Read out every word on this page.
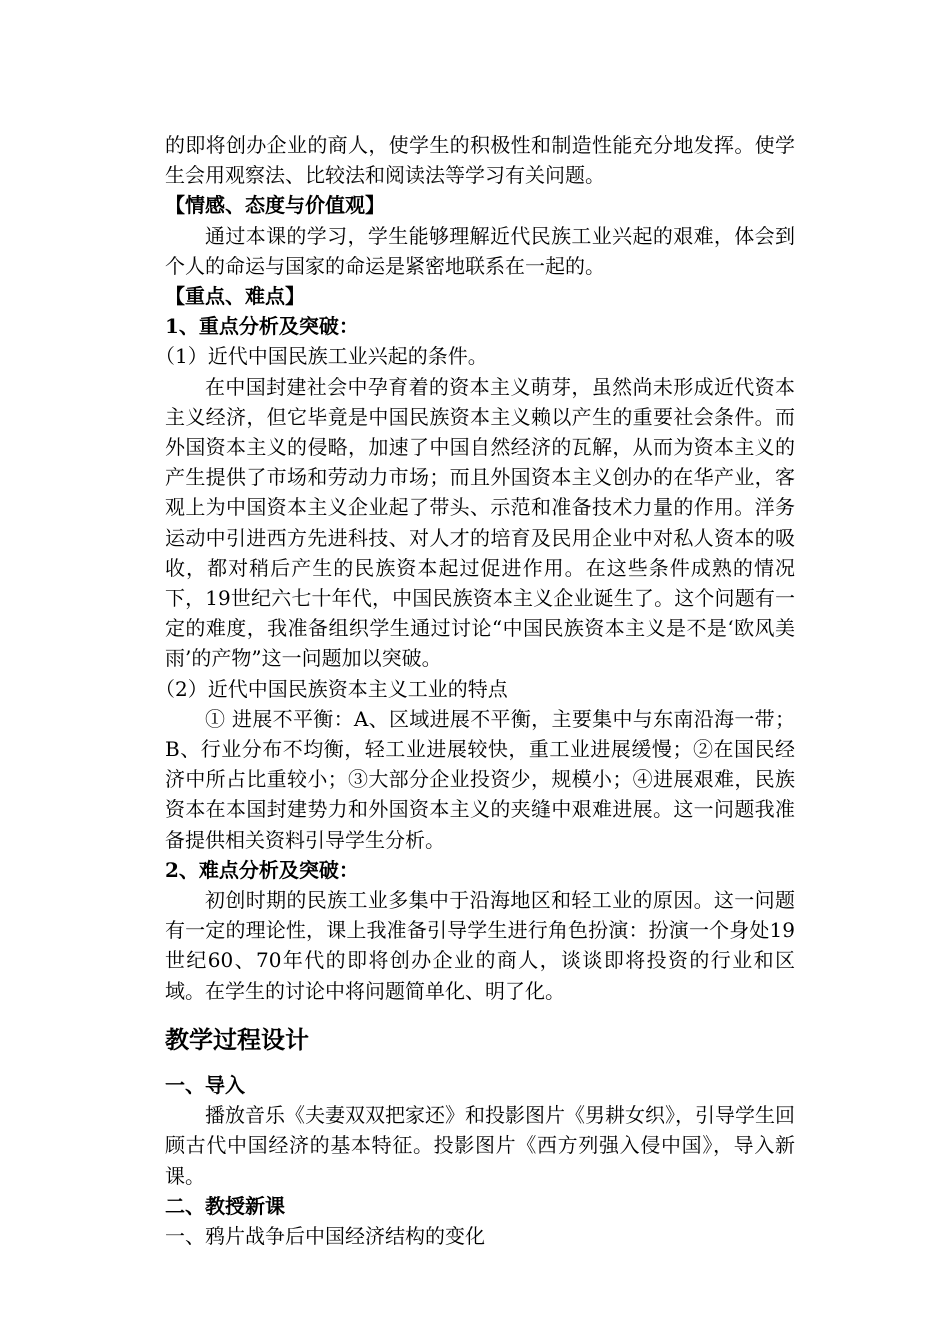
的即将创办企业的商人，使学生的积极性和制造性能充分地发挥。使学生会用观察法、比较法和阅读法等学习有关问题。

【情感、态度与价值观】

通过本课的学习，学生能够理解近代民族工业兴起的艰难，体会到个人的命运与国家的命运是紧密地联系在一起的。

【重点、难点】

1、重点分析及突破：

（1）近代中国民族工业兴起的条件。

在中国封建社会中孕育着的资本主义萌芽，虽然尚未形成近代资本主义经济，但它毕竟是中国民族资本主义赖以产生的重要社会条件。而外国资本主义的侵略，加速了中国自然经济的瓦解，从而为资本主义的产生提供了市场和劳动力市场；而且外国资本主义创办的在华产业，客观上为中国资本主义企业起了带头、示范和准备技术力量的作用。洋务运动中引进西方先进科技、对人才的培育及民用企业中对私人资本的吸收，都对稍后产生的民族资本起过促进作用。在这些条件成熟的情况下，19世纪六七十年代，中国民族资本主义企业诞生了。这个问题有一定的难度，我准备组织学生通过讨论“中国民族资本主义是不是‘欧风美雨’的产物”这一问题加以突破。

（2）近代中国民族资本主义工业的特点

① 进展不平衡：A、区域进展不平衡，主要集中与东南沿海一带；B、行业分布不均衡，轻工业进展较快，重工业进展缓慢；②在国民经济中所占比重较小；③大部分企业投资少，规模小；④进展艰难，民族资本在本国封建势力和外国资本主义的夹缝中艰难进展。这一问题我准备提供相关资料引导学生分析。

2、难点分析及突破：

初创时期的民族工业多集中于沿海地区和轻工业的原因。这一问题有一定的理论性，课上我准备引导学生进行角色扮演：扮演一个身处19世纪60、70年代的即将创办企业的商人，谈谈即将投资的行业和区域。在学生的讨论中将问题简单化、明了化。

教学过程设计

一、导入

播放音乐《夫妻双双把家还》和投影图片《男耕女织》，引导学生回顾古代中国经济的基本特征。投影图片《西方列强入侵中国》，导入新课。

二、教授新课

一、鸦片战争后中国经济结构的变化
